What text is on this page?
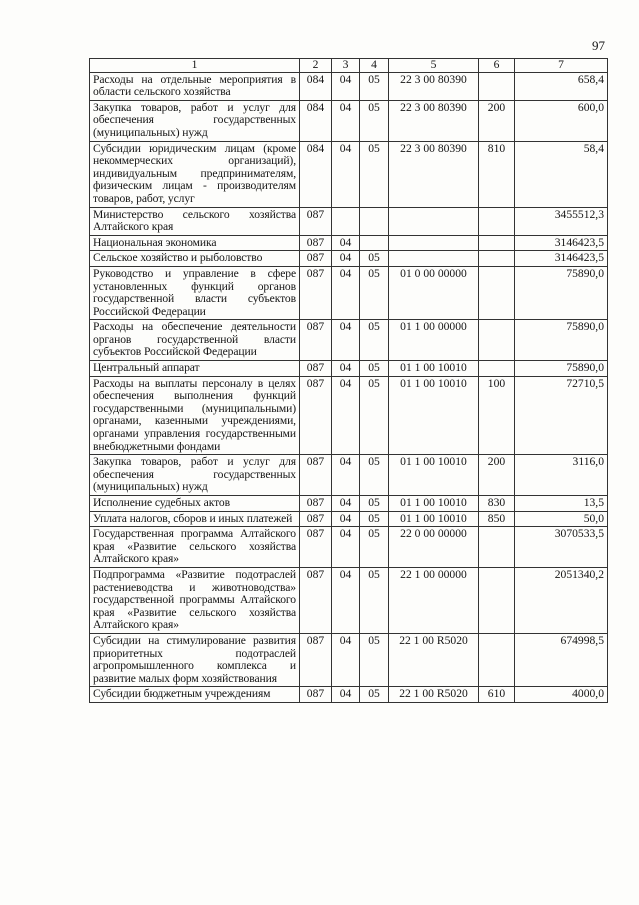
97
1	2	3	4	5	6	7
Расходы на отдельные мероприятия в области сельского хозяйства	084	04	05	22 3 00 80390		658,4
Закупка товаров, работ и услуг для обеспечения государственных (муниципальных) нужд	084	04	05	22 3 00 80390	200	600,0
Субсидии юридическим лицам (кроме некоммерческих организаций), индивидуальным предпринимателям, физическим лицам - производителям товаров, работ, услуг	084	04	05	22 3 00 80390	810	58,4
Министерство сельского хозяйства Алтайского края	087					3455512,3
Национальная экономика	087	04				3146423,5
Сельское хозяйство и рыболовство	087	04	05			3146423,5
Руководство и управление в сфере установленных функций органов государственной власти субъектов Российской Федерации	087	04	05	01 0 00 00000		75890,0
Расходы на обеспечение деятельности органов государственной власти субъектов Российской Федерации	087	04	05	01 1 00 00000		75890,0
Центральный аппарат	087	04	05	01 1 00 10010		75890,0
Расходы на выплаты персоналу в целях обеспечения выполнения функций государственными (муниципальными) органами, казенными учреждениями, органами управления государственными внебюджетными фондами	087	04	05	01 1 00 10010	100	72710,5
Закупка товаров, работ и услуг для обеспечения государственных (муниципальных) нужд	087	04	05	01 1 00 10010	200	3116,0
Исполнение судебных актов	087	04	05	01 1 00 10010	830	13,5
Уплата налогов, сборов и иных платежей	087	04	05	01 1 00 10010	850	50,0
Государственная программа Алтайского края «Развитие сельского хозяйства Алтайского края»	087	04	05	22 0 00 00000		3070533,5
Подпрограмма «Развитие подотраслей растениеводства и животноводства» государственной программы Алтайского края «Развитие сельского хозяйства Алтайского края»	087	04	05	22 1 00 00000		2051340,2
Субсидии на стимулирование развития приоритетных подотраслей агропромышленного комплекса и развитие малых форм хозяйствования	087	04	05	22 1 00 R5020		674998,5
Субсидии бюджетным учреждениям	087	04	05	22 1 00 R5020	610	4000,0
